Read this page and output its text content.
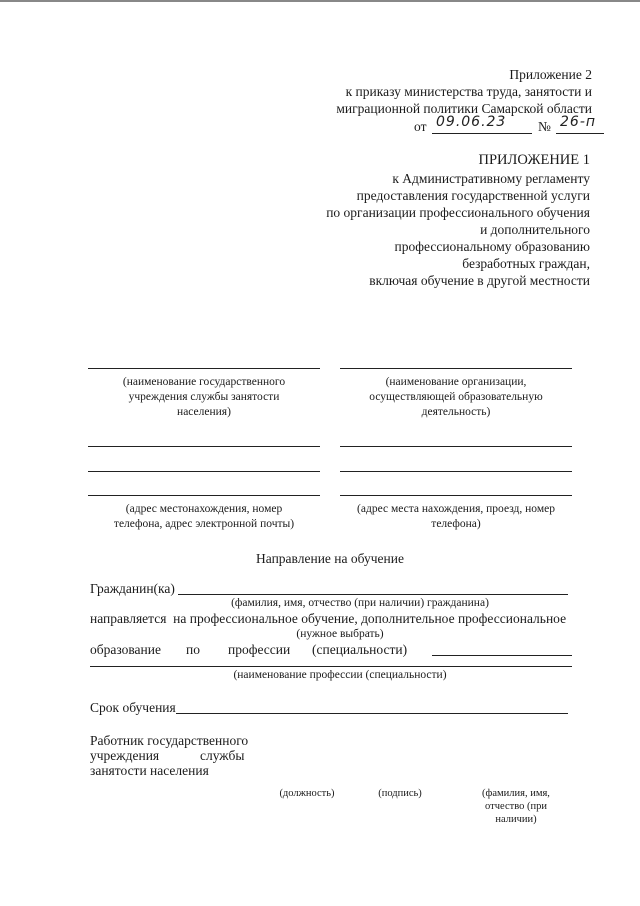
Приложение 2
к приказу министерства труда, занятости и
миграционной политики Самарской области
от 09.06.23 № 26-п
ПРИЛОЖЕНИЕ 1
к Административному регламенту
предоставления государственной услуги
по организации профессионального обучения
и дополнительного
профессиональному образованию
безработных граждан,
включая обучение в другой местности
(наименование государственного
учреждения службы занятости
населения)
(наименование организации,
осуществляющей образовательную
деятельность)
(адрес местонахождения, номер
телефона, адрес электронной почты)
(адрес места нахождения, проезд, номер
телефона)
Направление на обучение
Гражданин(ка)
(фамилия, имя, отчество (при наличии) гражданина)
направляется  на профессиональное обучение, дополнительное профессиональное
(нужное выбрать)
образование по профессии (специальности)
(наименование профессии (специальности)
Срок обучения
Работник государственного
учреждения	службы
занятости населения
(должность)	(подпись)	(фамилия, имя,
отчество (при
наличии)
